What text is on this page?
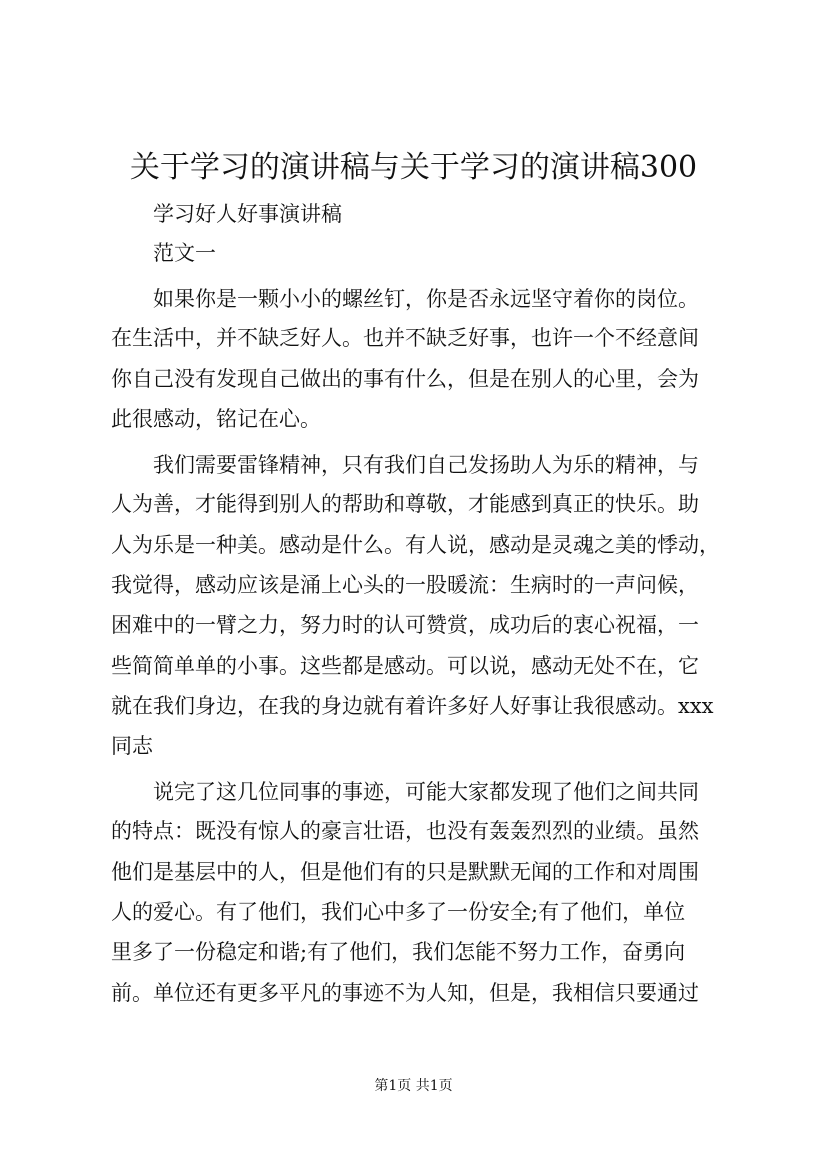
关于学习的演讲稿与关于学习的演讲稿300
学习好人好事演讲稿
范文一
如果你是一颗小小的螺丝钉，你是否永远坚守着你的岗位。
在生活中，并不缺乏好人。也并不缺乏好事，也许一个不经意间
你自己没有发现自己做出的事有什么，但是在别人的心里，会为
此很感动，铭记在心。
我们需要雷锋精神，只有我们自己发扬助人为乐的精神，与
人为善，才能得到别人的帮助和尊敬，才能感到真正的快乐。助
人为乐是一种美。感动是什么。有人说，感动是灵魂之美的悸动，
我觉得，感动应该是涌上心头的一股暖流：生病时的一声问候，
困难中的一臂之力，努力时的认可赞赏，成功后的衷心祝福，一
些简简单单的小事。这些都是感动。可以说，感动无处不在，它
就在我们身边，在我的身边就有着许多好人好事让我很感动。xxx
同志
说完了这几位同事的事迹，可能大家都发现了他们之间共同
的特点：既没有惊人的豪言壮语，也没有轰轰烈烈的业绩。虽然
他们是基层中的人，但是他们有的只是默默无闻的工作和对周围
人的爱心。有了他们，我们心中多了一份安全;有了他们，单位
里多了一份稳定和谐;有了他们，我们怎能不努力工作，奋勇向
前。单位还有更多平凡的事迹不为人知，但是，我相信只要通过
第1页 共1页
